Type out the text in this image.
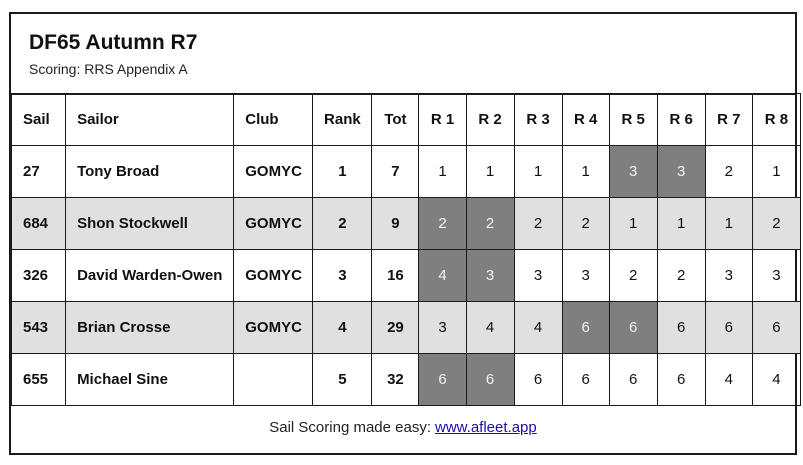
DF65 Autumn R7
Scoring: RRS Appendix A
Sail	Sailor	Club	Rank	Tot	R 1	R 2	R 3	R 4	R 5	R 6	R 7	R 8
27	Tony Broad	GOMYC	1	7	1	1	1	1	3	3	2	1
684	Shon Stockwell	GOMYC	2	9	2	2	2	2	1	1	1	2
326	David Warden-Owen	GOMYC	3	16	4	3	3	3	2	2	3	3
543	Brian Crosse	GOMYC	4	29	3	4	4	6	6	6	6	6
655	Michael Sine		5	32	6	6	6	6	6	6	4	4
Sail Scoring made easy: www.afleet.app
